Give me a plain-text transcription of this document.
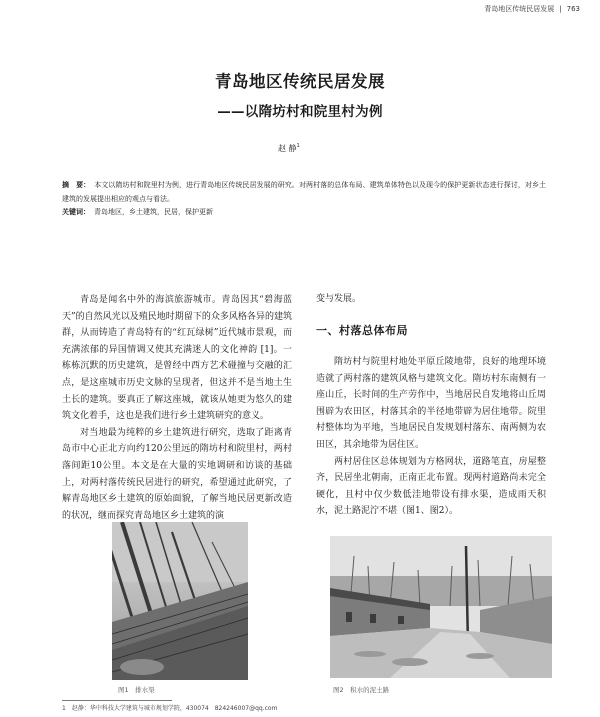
青岛地区传统民居发展 | 763
青岛地区传统民居发展
——以隋坊村和院里村为例
赵 静$^1$
摘　要： 本文以隋坊村和院里村为例，进行青岛地区传统民居发展的研究。对两村落的总体布局、建筑单体特色以及现今的保护更新状态进行探讨，对乡土建筑的发展提出相应的观点与看法。
关键词： 青岛地区，乡土建筑，民居，保护更新

青岛是闻名中外的海滨旅游城市。青岛因其“碧海蓝天”的自然风光以及殖民地时期留下的众多风格各异的建筑群，从而铸造了青岛特有的“红瓦绿树”近代城市景观，而充满浓郁的异国情调又使其充满迷人的文化神韵 [1]。一栋栋沉默的历史建筑，是曾经中西方艺术碰撞与交融的汇点，是这座城市历史文脉的呈现者，但这并不是当地土生土长的建筑。要真正了解这座城，就该从她更为悠久的建筑文化着手，这也是我们进行乡土建筑研究的意义。

对当地最为纯粹的乡土建筑进行研究，选取了距离青岛市中心正北方向约120公里远的隋坊村和院里村，两村落间距10公里。本文是在大量的实地调研和访谈的基础上，对两村落传统民居进行的研究，希望通过此研究，了解青岛地区乡土建筑的原始面貌，了解当地民居更新改造的状况，继而探究青岛地区乡土建筑的演

变与发展。

一、村落总体布局

隋坊村与院里村地处平原丘陵地带，良好的地理环境造就了两村落的建筑风格与建筑文化。隋坊村东南侧有一座山丘，长时间的生产劳作中，当地居民自发地将山丘周围辟为农田区，村落其余的半径地带辟为居住地带。院里村整体均为平地，当地居民自发规划村落东、南两侧为农田区，其余地带为居住区。

两村居住区总体规划为方格网状，道路笔直，房屋整齐，民居坐北朝南，正南正北布置。现两村道路尚未完全硬化，且村中仅少数低洼地带设有排水渠，造成雨天积水，泥土路泥泞不堪（图1、图2）。

图1　排水渠	图2　积水的泥土路
1　赵静：华中科技大学建筑与城市规划学院，430074　824246007@qq.com
